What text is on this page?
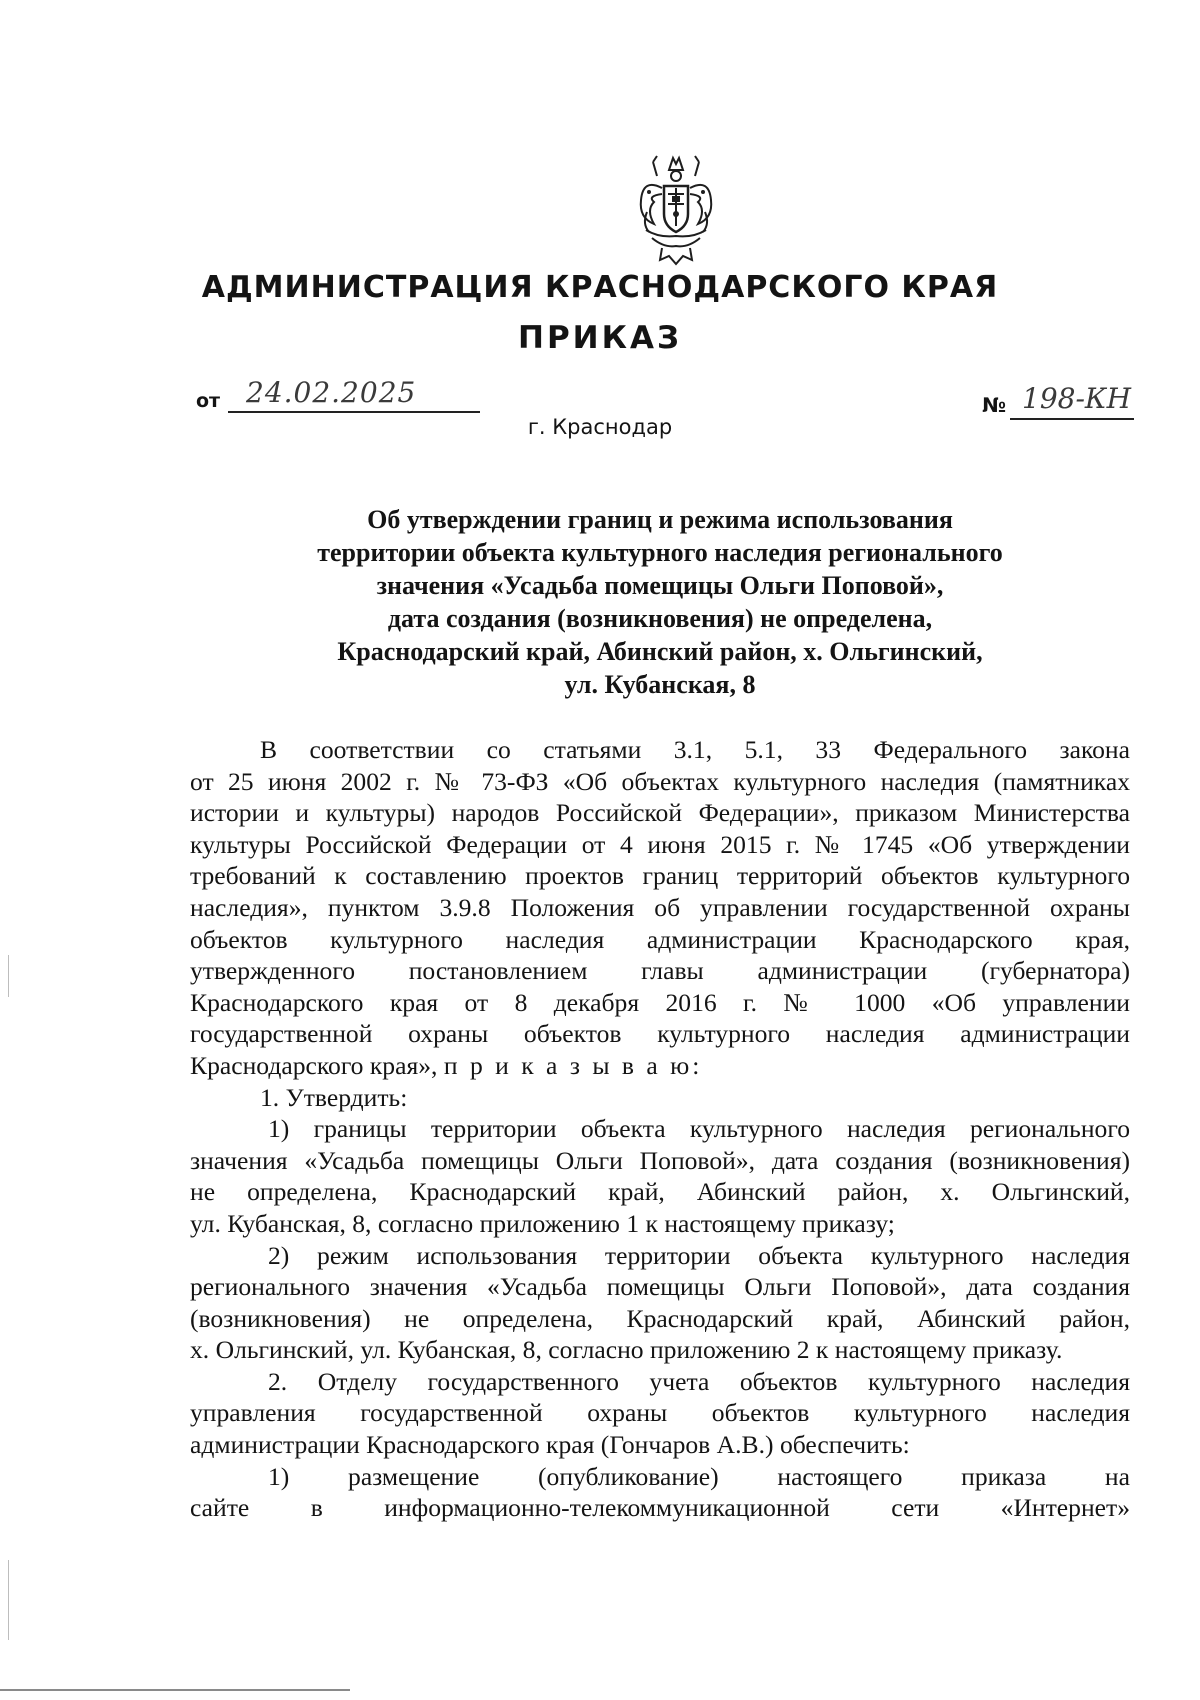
АДМИНИСТРАЦИЯ КРАСНОДАРСКОГО КРАЯ
ПРИКАЗ
от 24.02.2025
г. Краснодар
№ 198-КН
Об утверждении границ и режима использования
территории объекта культурного наследия регионального
значения «Усадьба помещицы Ольги Поповой»,
дата создания (возникновения) не определена,
Краснодарский край, Абинский район, х. Ольгинский,
ул. Кубанская, 8
В соответствии со статьями 3.1, 5.1, 33 Федерального закона
от 25 июня 2002 г. № 73-ФЗ «Об объектах культурного наследия (памятниках
истории и культуры) народов Российской Федерации», приказом Министерства
культуры Российской Федерации от 4 июня 2015 г. № 1745 «Об утверждении
требований к составлению проектов границ территорий объектов культурного
наследия», пунктом 3.9.8 Положения об управлении государственной охраны
объектов культурного наследия администрации Краснодарского края,
утвержденного постановлением главы администрации (губернатора)
Краснодарского края от 8 декабря 2016 г. № 1000 «Об управлении
государственной охраны объектов культурного наследия администрации
Краснодарского края», п р и к а з ы в а ю:
1. Утвердить:
1) границы территории объекта культурного наследия регионального
значения «Усадьба помещицы Ольги Поповой», дата создания (возникновения)
не определена, Краснодарский край, Абинский район, х. Ольгинский,
ул. Кубанская, 8, согласно приложению 1 к настоящему приказу;
2) режим использования территории объекта культурного наследия
регионального значения «Усадьба помещицы Ольги Поповой», дата создания
(возникновения) не определена, Краснодарский край, Абинский район,
х. Ольгинский, ул. Кубанская, 8, согласно приложению 2 к настоящему приказу.
2. Отделу государственного учета объектов культурного наследия
управления государственной охраны объектов культурного наследия
администрации Краснодарского края (Гончаров А.В.) обеспечить:
1) размещение (опубликование) настоящего приказа на
сайте в информационно-телекоммуникационной сети «Интернет»
